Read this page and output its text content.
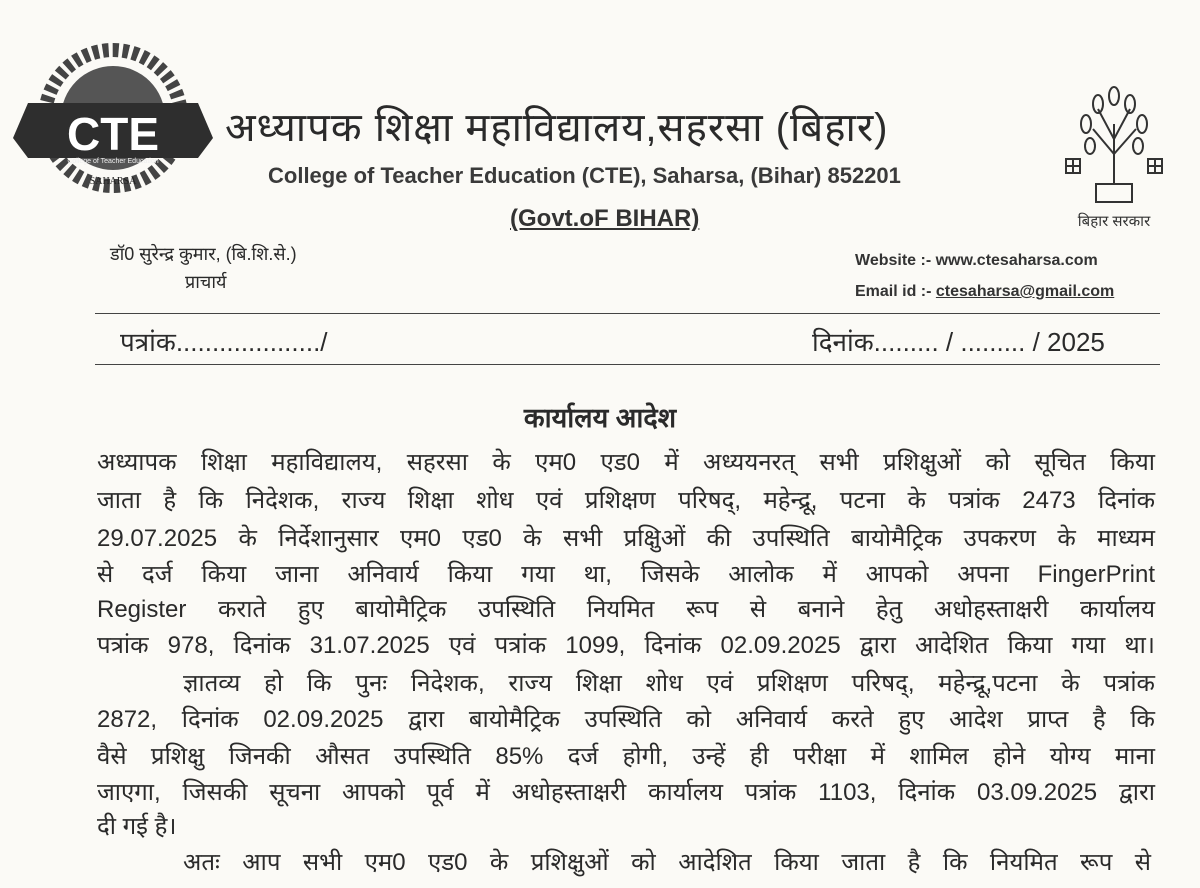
CTE
College of Teacher Education
SAHARSA
बिहार सरकार
अध्यापक शिक्षा महाविद्यालय,सहरसा (बिहार)
College of Teacher Education (CTE), Saharsa, (Bihar) 852201
(Govt.oF BIHAR)
डॉ0 सुरेन्द्र कुमार, (बि.शि.से.)
प्राचार्य
Website :- www.ctesaharsa.com
Email id :- ctesaharsa@gmail.com
पत्रांक..................../	दिनांक......... / ......... / 2025
कार्यालय आदेश
अध्यापक शिक्षा महाविद्यालय, सहरसा के एम0 एड0 में अध्ययनरत् सभी प्रशिक्षुओं को सूचित किया
जाता है कि निदेशक, राज्य शिक्षा शोध एवं प्रशिक्षण परिषद्, महेन्द्रू, पटना के पत्रांक 2473 दिनांक
29.07.2025 के निर्देशानुसार एम0 एड0 के सभी प्रक्षिुओं की उपस्थिति बायोमैट्रिक उपकरण के माध्यम
से दर्ज किया जाना अनिवार्य किया गया था, जिसके आलोक में आपको अपना FingerPrint
Register कराते हुए बायोमैट्रिक उपस्थिति नियमित रूप से बनाने हेतु अधोहस्ताक्षरी कार्यालय
पत्रांक 978, दिनांक 31.07.2025 एवं पत्रांक 1099, दिनांक 02.09.2025 द्वारा आदेशित किया गया था।
ज्ञातव्य हो कि पुनः निदेशक, राज्य शिक्षा शोध एवं प्रशिक्षण परिषद्, महेन्द्रू,पटना के पत्रांक
2872, दिनांक 02.09.2025 द्वारा बायोमैट्रिक उपस्थिति को अनिवार्य करते हुए आदेश प्राप्त है कि
वैसे प्रशिक्षु जिनकी औसत उपस्थिति 85% दर्ज होगी, उन्हें ही परीक्षा में शामिल होने योग्य माना
जाएगा, जिसकी सूचना आपको पूर्व में अधोहस्ताक्षरी कार्यालय पत्रांक 1103, दिनांक 03.09.2025 द्वारा
दी गई है।
अतः आप सभी एम0 एड0 के प्रशिक्षुओं को आदेशित किया जाता है कि नियमित रूप से
